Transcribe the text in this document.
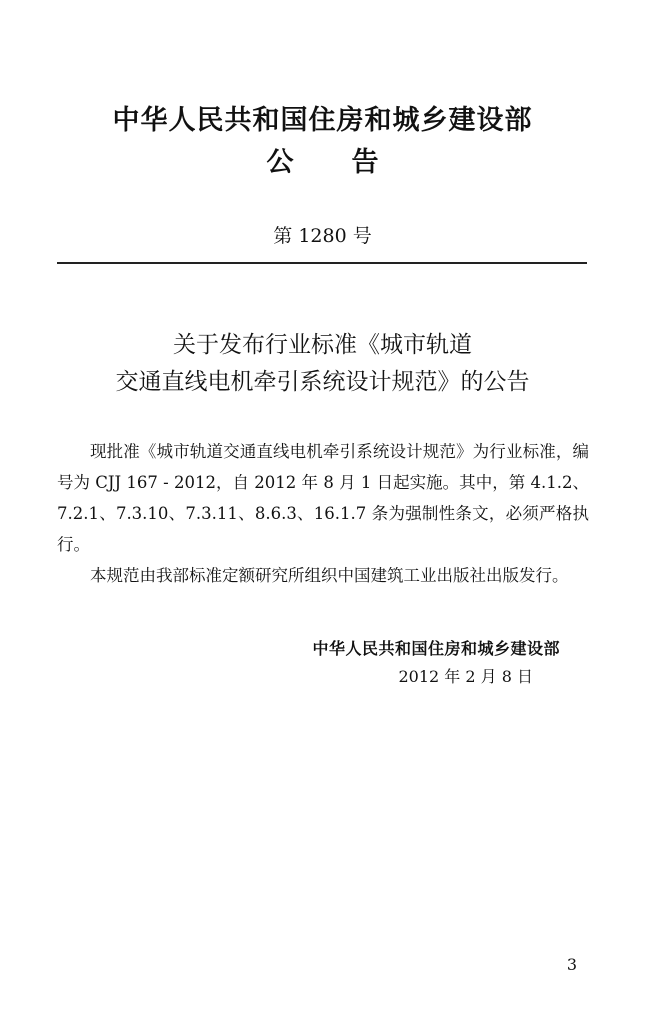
中华人民共和国住房和城乡建设部
公告
第 1280 号
关于发布行业标准《城市轨道
交通直线电机牵引系统设计规范》的公告

现批准《城市轨道交通直线电机牵引系统设计规范》为行业标准，编号为 CJJ 167 - 2012，自 2012 年 8 月 1 日起实施。其中，第 4.1.2、7.2.1、7.3.10、7.3.11、8.6.3、16.1.7 条为强制性条文，必须严格执行。

本规范由我部标准定额研究所组织中国建筑工业出版社出版发行。

中华人民共和国住房和城乡建设部
2012 年 2 月 8 日
3
